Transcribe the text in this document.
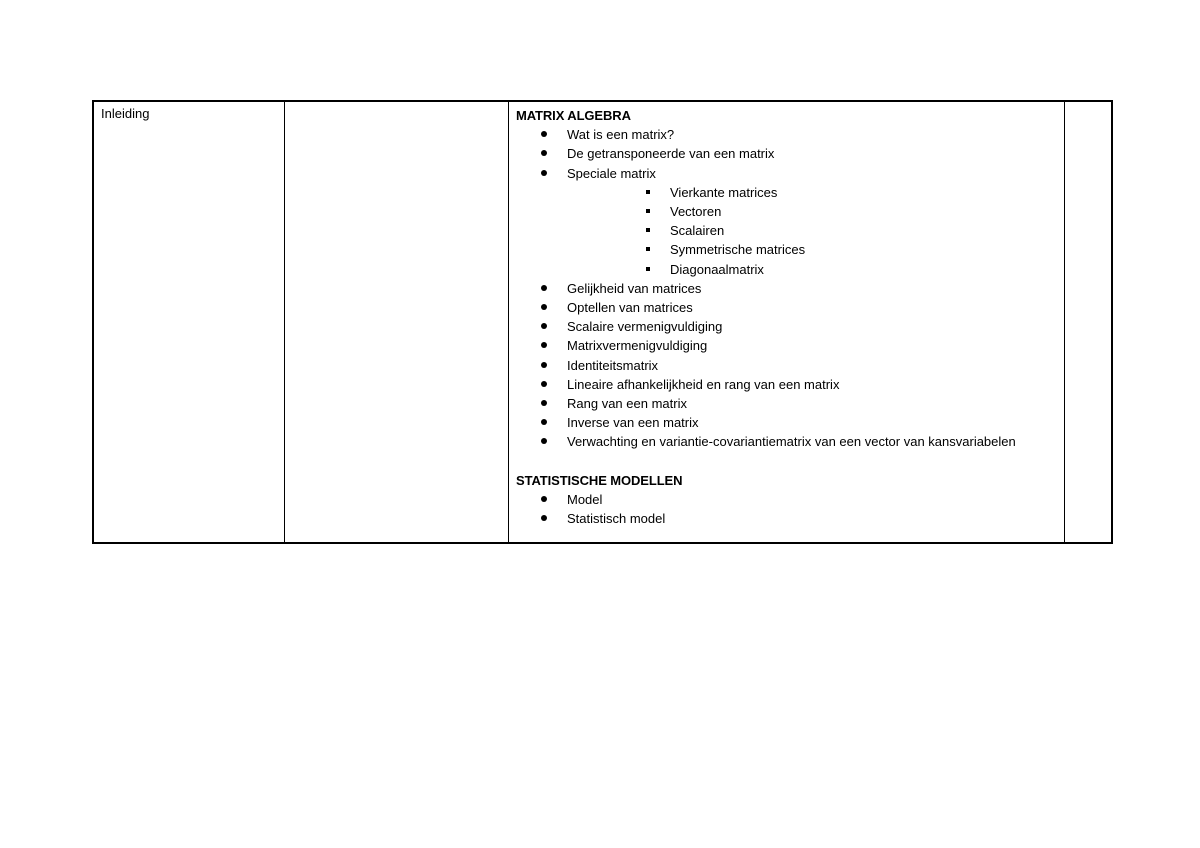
Inleiding		MATRIX ALGEBRA
Wat is een matrix?
De getransponeerde van een matrix
Speciale matrix
Vierkante matrices
Vectoren
Scalairen
Symmetrische matrices
Diagonaalmatrix
Gelijkheid van matrices
Optellen van matrices
Scalaire vermenigvuldiging
Matrixvermenigvuldiging
Identiteitsmatrix
Lineaire afhankelijkheid en rang van een matrix
Rang van een matrix
Inverse van een matrix
Verwachting en variantie-covariantiematrix van een vector van kansvariabelen
STATISTISCHE MODELLEN
Model
Statistisch model
